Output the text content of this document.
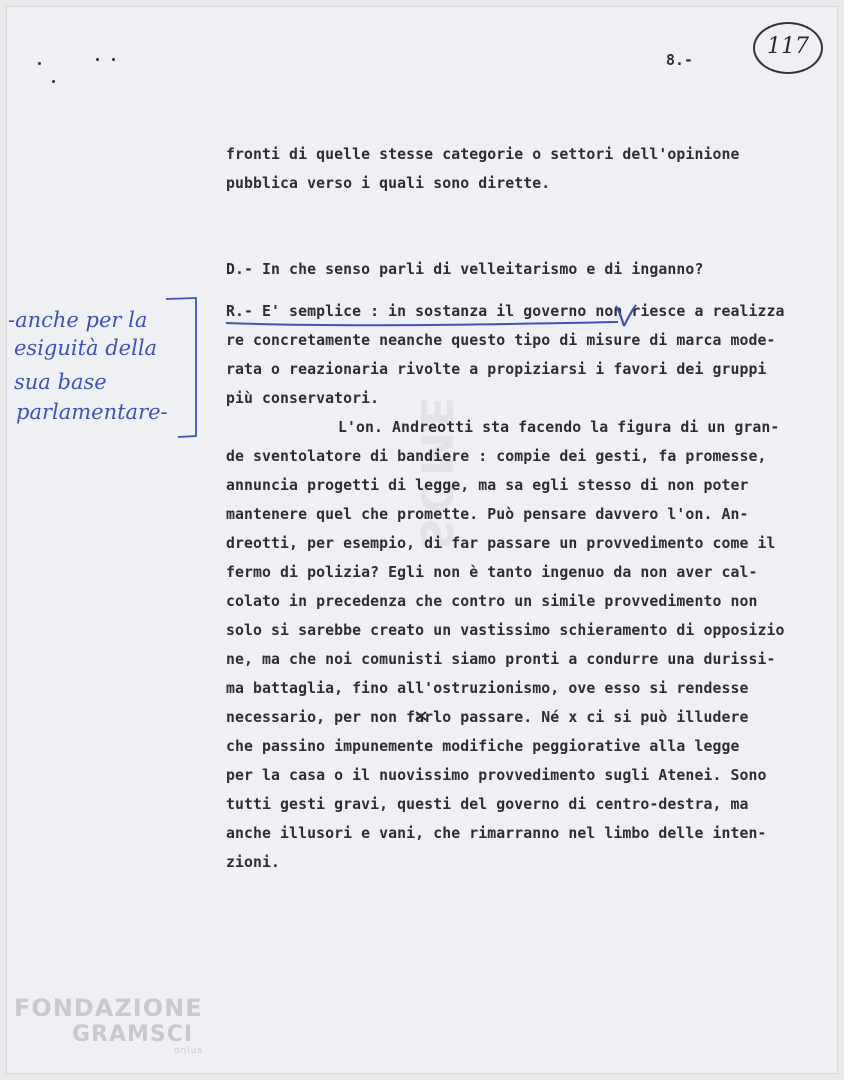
8.-
117
ƎMƆƧ

fronti di quelle stesse categorie o settori dell'opinione

pubblica verso i quali sono dirette.

D.- In che senso parli di velleitarismo e di inganno?

R.- E' semplice : in sostanza il governo non riesce a realizza

re concretamente neanche questo tipo di misure di marca mode-

rata o reazionaria rivolte a propiziarsi i favori dei gruppi

più conservatori.

L'on. Andreotti sta facendo la figura di un gran-

de sventolatore di bandiere : compie dei gesti, fa promesse,

annuncia progetti di legge, ma sa egli stesso di non poter

mantenere quel che promette. Può pensare davvero l'on. An-

dreotti, per esempio, di far passare un provvedimento come il

fermo di polizia? Egli non è tanto ingenuo da non aver cal-

colato in precedenza che contro un simile provvedimento non

solo si sarebbe creato un vastissimo schieramento di opposizio

ne, ma che noi comunisti siamo pronti a condurre una durissi-

ma battaglia, fino all'ostruzionismo, ove esso si rendesse

necessario, per non farlo passare. Né x ci si può illudere

che passino impunemente modifiche peggiorative alla legge

per la casa o il nuovissimo provvedimento sugli Atenei. Sono

tutti gesti gravi, questi del governo di centro-destra, ma

anche illusori e vani, che rimarranno nel limbo delle inten-

zioni.

-anche per la
esiguità della
sua base
parlamentare-
FONDAZIONE
GRAMSCI
onlus
